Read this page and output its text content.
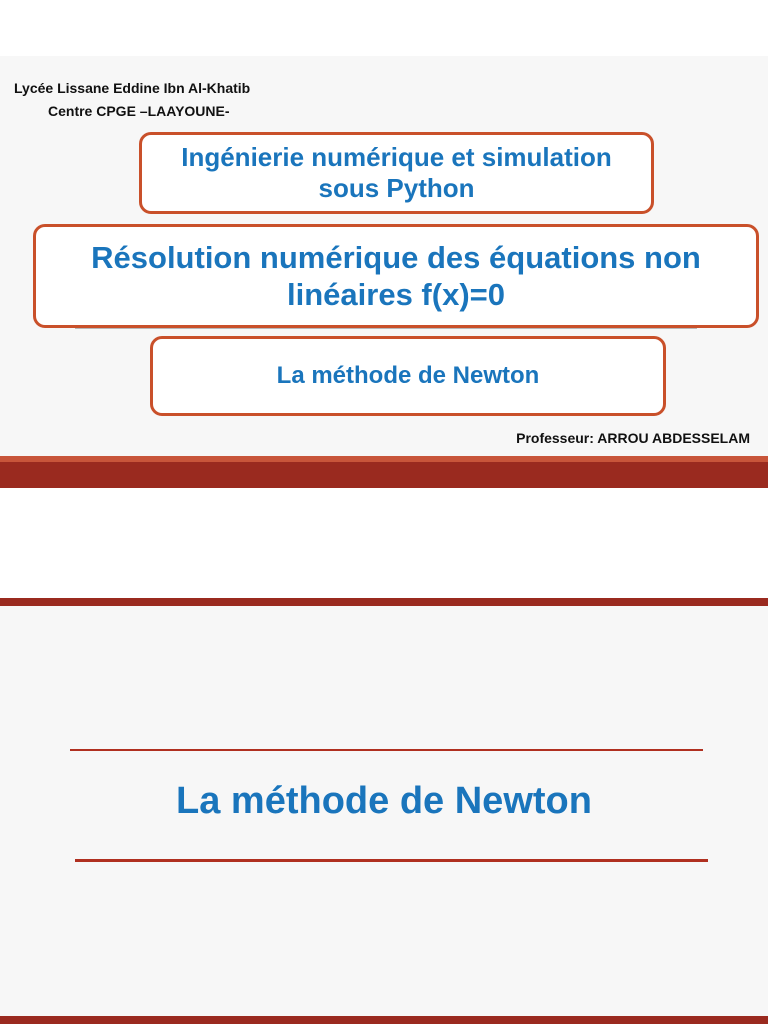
Lycée Lissane Eddine Ibn Al-Khatib
Centre CPGE –LAAYOUNE-
Ingénierie numérique et simulation
sous Python
Résolution numérique des équations non
linéaires f(x)=0
La méthode de Newton
Professeur: ARROU ABDESSELAM
La méthode de Newton
